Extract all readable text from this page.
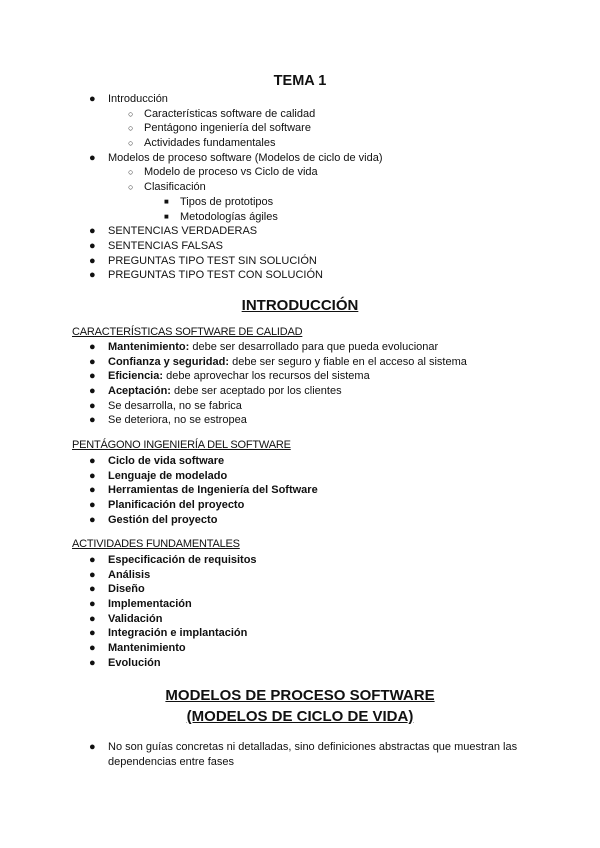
TEMA 1
● Introducción
○ Características software de calidad
○ Pentágono ingeniería del software
○ Actividades fundamentales
● Modelos de proceso software (Modelos de ciclo de vida)
○ Modelo de proceso vs Ciclo de vida
○ Clasificación
■ Tipos de prototipos
■ Metodologías ágiles
● SENTENCIAS VERDADERAS
● SENTENCIAS FALSAS
● PREGUNTAS TIPO TEST SIN SOLUCIÓN
● PREGUNTAS TIPO TEST CON SOLUCIÓN
INTRODUCCIÓN
CARACTERÍSTICAS SOFTWARE DE CALIDAD
● Mantenimiento: debe ser desarrollado para que pueda evolucionar
● Confianza y seguridad: debe ser seguro y fiable en el acceso al sistema
● Eficiencia: debe aprovechar los recursos del sistema
● Aceptación: debe ser aceptado por los clientes
● Se desarrolla, no se fabrica
● Se deteriora, no se estropea
PENTÁGONO INGENIERÍA DEL SOFTWARE
● Ciclo de vida software
● Lenguaje de modelado
● Herramientas de Ingeniería del Software
● Planificación del proyecto
● Gestión del proyecto
ACTIVIDADES FUNDAMENTALES
● Especificación de requisitos
● Análisis
● Diseño
● Implementación
● Validación
● Integración e implantación
● Mantenimiento
● Evolución
MODELOS DE PROCESO SOFTWARE
(MODELOS DE CICLO DE VIDA)
● No son guías concretas ni detalladas, sino definiciones abstractas que muestran las dependencias entre fases
